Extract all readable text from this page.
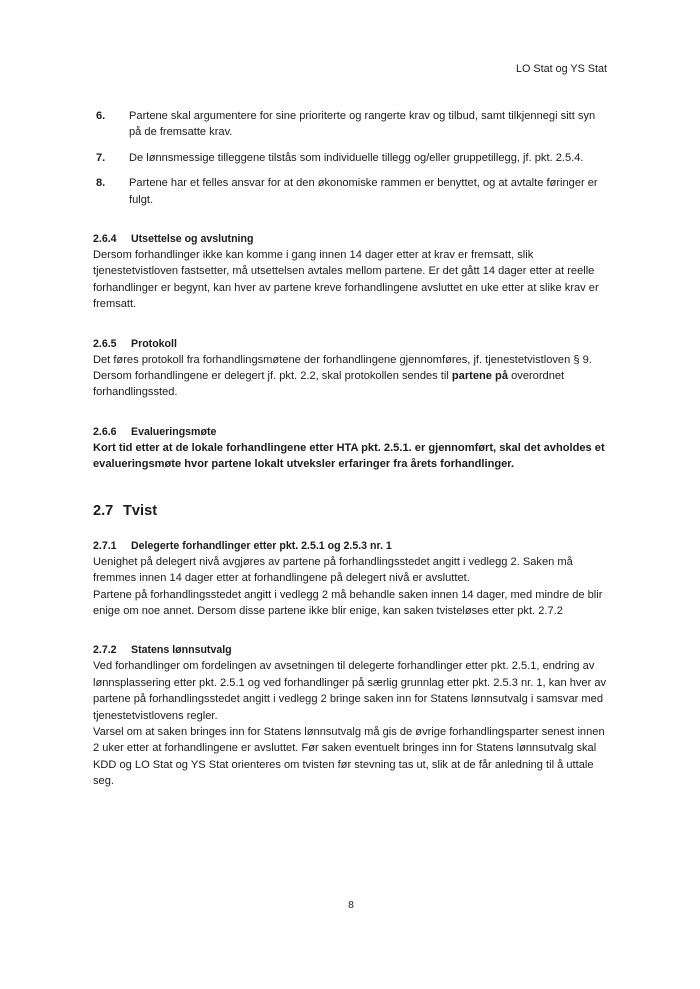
LO Stat og YS Stat
6. Partene skal argumentere for sine prioriterte og rangerte krav og tilbud, samt tilkjennegi sitt syn på de fremsatte krav.
7. De lønnsmessige tilleggene tilstås som individuelle tillegg og/eller gruppetillegg, jf. pkt. 2.5.4.
8. Partene har et felles ansvar for at den økonomiske rammen er benyttet, og at avtalte føringer er fulgt.
2.6.4 Utsettelse og avslutning

Dersom forhandlinger ikke kan komme i gang innen 14 dager etter at krav er fremsatt, slik tjenestetvistloven fastsetter, må utsettelsen avtales mellom partene. Er det gått 14 dager etter at reelle forhandlinger er begynt, kan hver av partene kreve forhandlingene avsluttet en uke etter at slike krav er fremsatt.

2.6.5 Protokoll

Det føres protokoll fra forhandlingsmøtene der forhandlingene gjennomføres, jf. tjenestetvistloven § 9. Dersom forhandlingene er delegert jf. pkt. 2.2, skal protokollen sendes til partene på overordnet forhandlingssted.

2.6.6 Evalueringsmøte

Kort tid etter at de lokale forhandlingene etter HTA pkt. 2.5.1. er gjennomført, skal det avholdes et evalueringsmøte hvor partene lokalt utveksler erfaringer fra årets forhandlinger.

2.7 Tvist
2.7.1 Delegerte forhandlinger etter pkt. 2.5.1 og 2.5.3 nr. 1

Uenighet på delegert nivå avgjøres av partene på forhandlingsstedet angitt i vedlegg 2. Saken må fremmes innen 14 dager etter at forhandlingene på delegert nivå er avsluttet.

Partene på forhandlingsstedet angitt i vedlegg 2 må behandle saken innen 14 dager, med mindre de blir enige om noe annet. Dersom disse partene ikke blir enige, kan saken tvisteløses etter pkt. 2.7.2

2.7.2 Statens lønnsutvalg

Ved forhandlinger om fordelingen av avsetningen til delegerte forhandlinger etter pkt. 2.5.1, endring av lønnsplassering etter pkt. 2.5.1 og ved forhandlinger på særlig grunnlag etter pkt. 2.5.3 nr. 1, kan hver av partene på forhandlingsstedet angitt i vedlegg 2 bringe saken inn for Statens lønnsutvalg i samsvar med tjenestetvistlovens regler.

Varsel om at saken bringes inn for Statens lønnsutvalg må gis de øvrige forhandlingsparter senest innen 2 uker etter at forhandlingene er avsluttet. Før saken eventuelt bringes inn for Statens lønnsutvalg skal KDD og LO Stat og YS Stat orienteres om tvisten før stevning tas ut, slik at de får anledning til å uttale seg.

8
